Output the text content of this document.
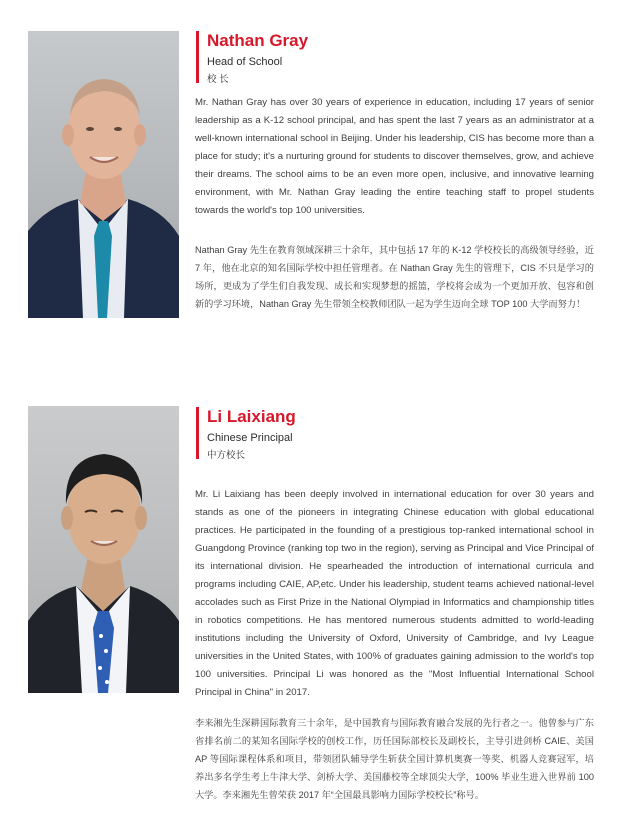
Nathan Gray
Head of School
校 长

Mr. Nathan Gray has over 30 years of experience in education, including 17 years of senior leadership as a K-12 school principal, and has spent the last 7 years as an administrator at a well-known international school in Beijing. Under his leadership, CIS has become more than a place for study; it's a nurturing ground for students to discover themselves, grow, and achieve their dreams. The school aims to be an even more open, inclusive, and innovative learning environment, with Mr. Nathan Gray leading the entire teaching staff to propel students towards the world's top 100 universities.

Nathan Gray 先生在教育领域深耕三十余年，其中包括 17 年的 K-12 学校校长的高级领导经验，近 7 年，他在北京的知名国际学校中担任管理者。在 Nathan Gray 先生的管理下，CIS 不只是学习的场所，更成为了学生们自我发现、成长和实现梦想的摇篮，学校将会成为一个更加开放、包容和创新的学习环境，Nathan Gray 先生带领全校教师团队一起为学生迈向全球 TOP 100 大学而努力！

Li Laixiang
Chinese Principal
中方校长

Mr. Li Laixiang has been deeply involved in international education for over 30 years and stands as one of the pioneers in integrating Chinese education with global educational practices. He participated in the founding of a prestigious top-ranked international school in Guangdong Province (ranking top two in the region), serving as Principal and Vice Principal of its international division. He spearheaded the introduction of international curricula and programs including CAIE, AP,etc. Under his leadership, student teams achieved national-level accolades such as First Prize in the National Olympiad in Informatics and championship titles in robotics competitions. He has mentored numerous students admitted to world-leading institutions including the University of Oxford, University of Cambridge, and Ivy League universities in the United States, with 100% of graduates gaining admission to the world's top 100 universities. Principal Li was honored as the "Most Influential International School Principal in China" in 2017.

李来湘先生深耕国际教育三十余年，是中国教育与国际教育融合发展的先行者之一。他曾参与广东省排名前二的某知名国际学校的创校工作，历任国际部校长及副校长，主导引进剑桥 CAIE、美国 AP 等国际课程体系和项目，带领团队辅导学生斩获全国计算机奥赛一等奖、机器人竞赛冠军，培养出多名学生考上牛津大学、剑桥大学、美国藤校等全球顶尖大学，100% 毕业生进入世界前 100 大学。李来湘先生曾荣获 2017 年“全国最具影响力国际学校校长”称号。
